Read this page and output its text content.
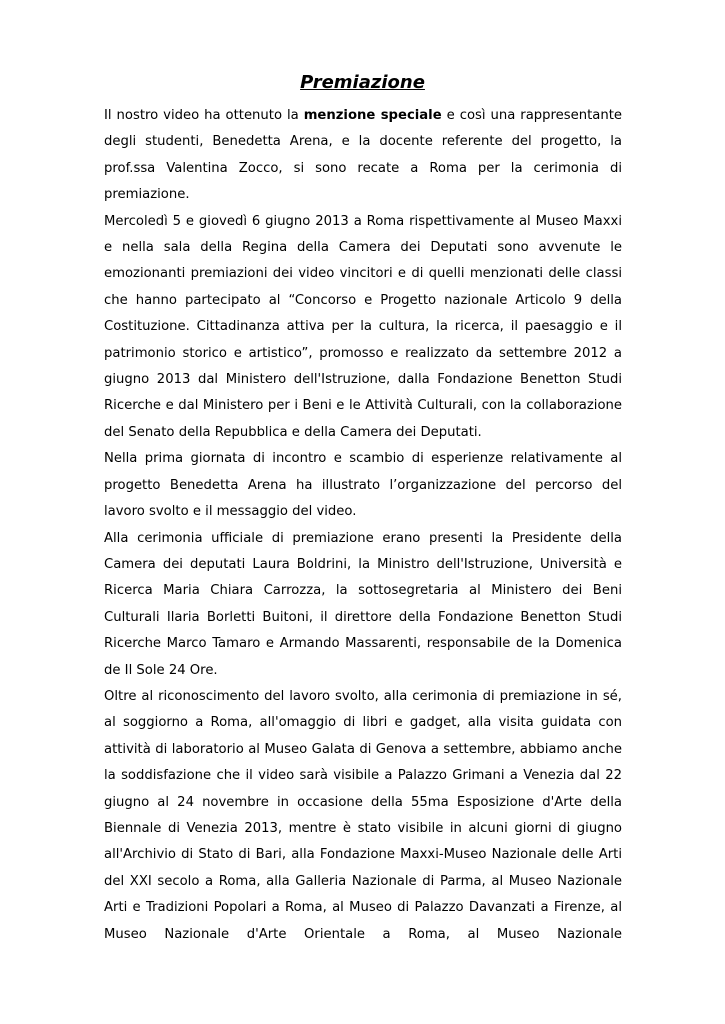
Premiazione

Il nostro video ha ottenuto la menzione speciale e così una rappresentante degli studenti, Benedetta Arena, e la docente referente del progetto, la prof.ssa Valentina Zocco, si sono recate a Roma per la cerimonia di premiazione.

Mercoledì 5 e giovedì 6 giugno 2013 a Roma rispettivamente al Museo Maxxi e nella sala della Regina della Camera dei Deputati sono avvenute le emozionanti premiazioni dei video vincitori e di quelli menzionati delle classi che hanno partecipato al “Concorso e Progetto nazionale Articolo 9 della Costituzione. Cittadinanza attiva per la cultura, la ricerca, il paesaggio e il patrimonio storico e artistico”, promosso e realizzato da settembre 2012 a giugno 2013 dal Ministero dell'Istruzione, dalla Fondazione Benetton Studi Ricerche e dal Ministero per i Beni e le Attività Culturali, con la collaborazione del Senato della Repubblica e della Camera dei Deputati.

Nella prima giornata di incontro e scambio di esperienze relativamente al progetto Benedetta Arena ha illustrato l’organizzazione del percorso del lavoro svolto e il messaggio del video.

Alla cerimonia ufficiale di premiazione erano presenti la Presidente della Camera dei deputati Laura Boldrini, la Ministro dell'Istruzione, Università e Ricerca Maria Chiara Carrozza, la sottosegretaria al Ministero dei Beni Culturali Ilaria Borletti Buitoni, il direttore della Fondazione Benetton Studi Ricerche Marco Tamaro e Armando Massarenti, responsabile de la Domenica de Il Sole 24 Ore.

Oltre al riconoscimento del lavoro svolto, alla cerimonia di premiazione in sé, al soggiorno a Roma, all'omaggio di libri e gadget, alla visita guidata con attività di laboratorio al Museo Galata di Genova a settembre, abbiamo anche la soddisfazione che il video sarà visibile a Palazzo Grimani a Venezia dal 22 giugno al 24 novembre in occasione della 55ma Esposizione d'Arte della Biennale di Venezia 2013, mentre è stato visibile in alcuni giorni di giugno all'Archivio di Stato di Bari, alla Fondazione Maxxi-Museo Nazionale delle Arti del XXI secolo a Roma, alla Galleria Nazionale di Parma, al Museo Nazionale Arti e Tradizioni Popolari a Roma, al Museo di Palazzo Davanzati a Firenze, al Museo Nazionale d'Arte Orientale a Roma, al Museo Nazionale
